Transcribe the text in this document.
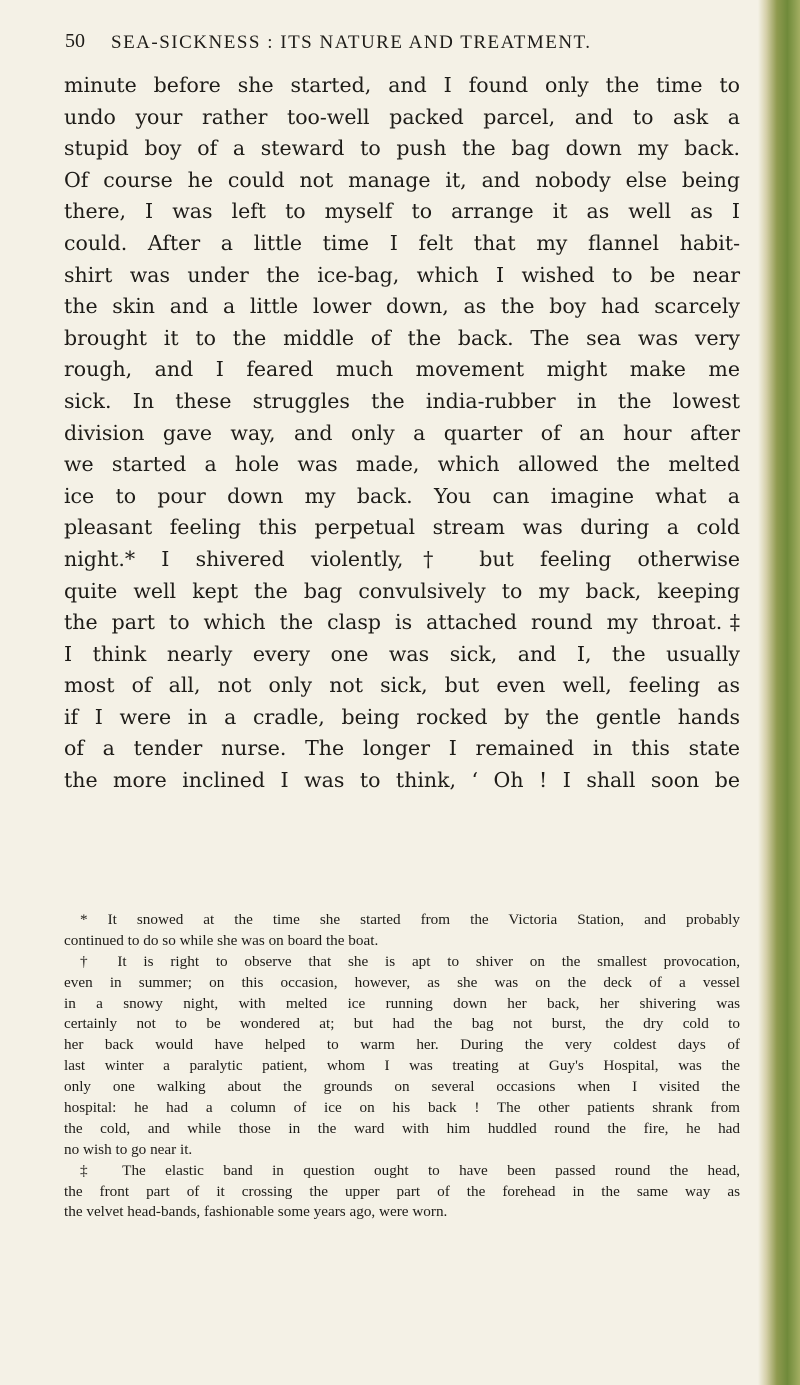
50 SEA-SICKNESS : ITS NATURE AND TREATMENT.
minute before she started, and I found only the time to
undo your rather too-well packed parcel, and to ask a
stupid boy of a steward to push the bag down my back.
Of course he could not manage it, and nobody else being
there, I was left to myself to arrange it as well as I
could. After a little time I felt that my flannel habit-
shirt was under the ice-bag, which I wished to be near
the skin and a little lower down, as the boy had scarcely
brought it to the middle of the back. The sea was very
rough, and I feared much movement might make me
sick. In these struggles the india-rubber in the lowest
division gave way, and only a quarter of an hour after
we started a hole was made, which allowed the melted
ice to pour down my back. You can imagine what a
pleasant feeling this perpetual stream was during a cold
night.* I shivered violently,† but feeling otherwise
quite well kept the bag convulsively to my back, keeping
the part to which the clasp is attached round my throat.‡
I think nearly every one was sick, and I, the usually
most of all, not only not sick, but even well, feeling as
if I were in a cradle, being rocked by the gentle hands
of a tender nurse. The longer I remained in this state
the more inclined I was to think, ‘ Oh ! I shall soon be
* It snowed at the time she started from the Victoria Station, and probably
continued to do so while she was on board the boat.
† It is right to observe that she is apt to shiver on the smallest provocation,
even in summer; on this occasion, however, as she was on the deck of a vessel
in a snowy night, with melted ice running down her back, her shivering was
certainly not to be wondered at; but had the bag not burst, the dry cold to
her back would have helped to warm her. During the very coldest days of
last winter a paralytic patient, whom I was treating at Guy's Hospital, was the
only one walking about the grounds on several occasions when I visited the
hospital: he had a column of ice on his back ! The other patients shrank from
the cold, and while those in the ward with him huddled round the fire, he had
no wish to go near it.
‡ The elastic band in question ought to have been passed round the head,
the front part of it crossing the upper part of the forehead in the same way as
the velvet head-bands, fashionable some years ago, were worn.
